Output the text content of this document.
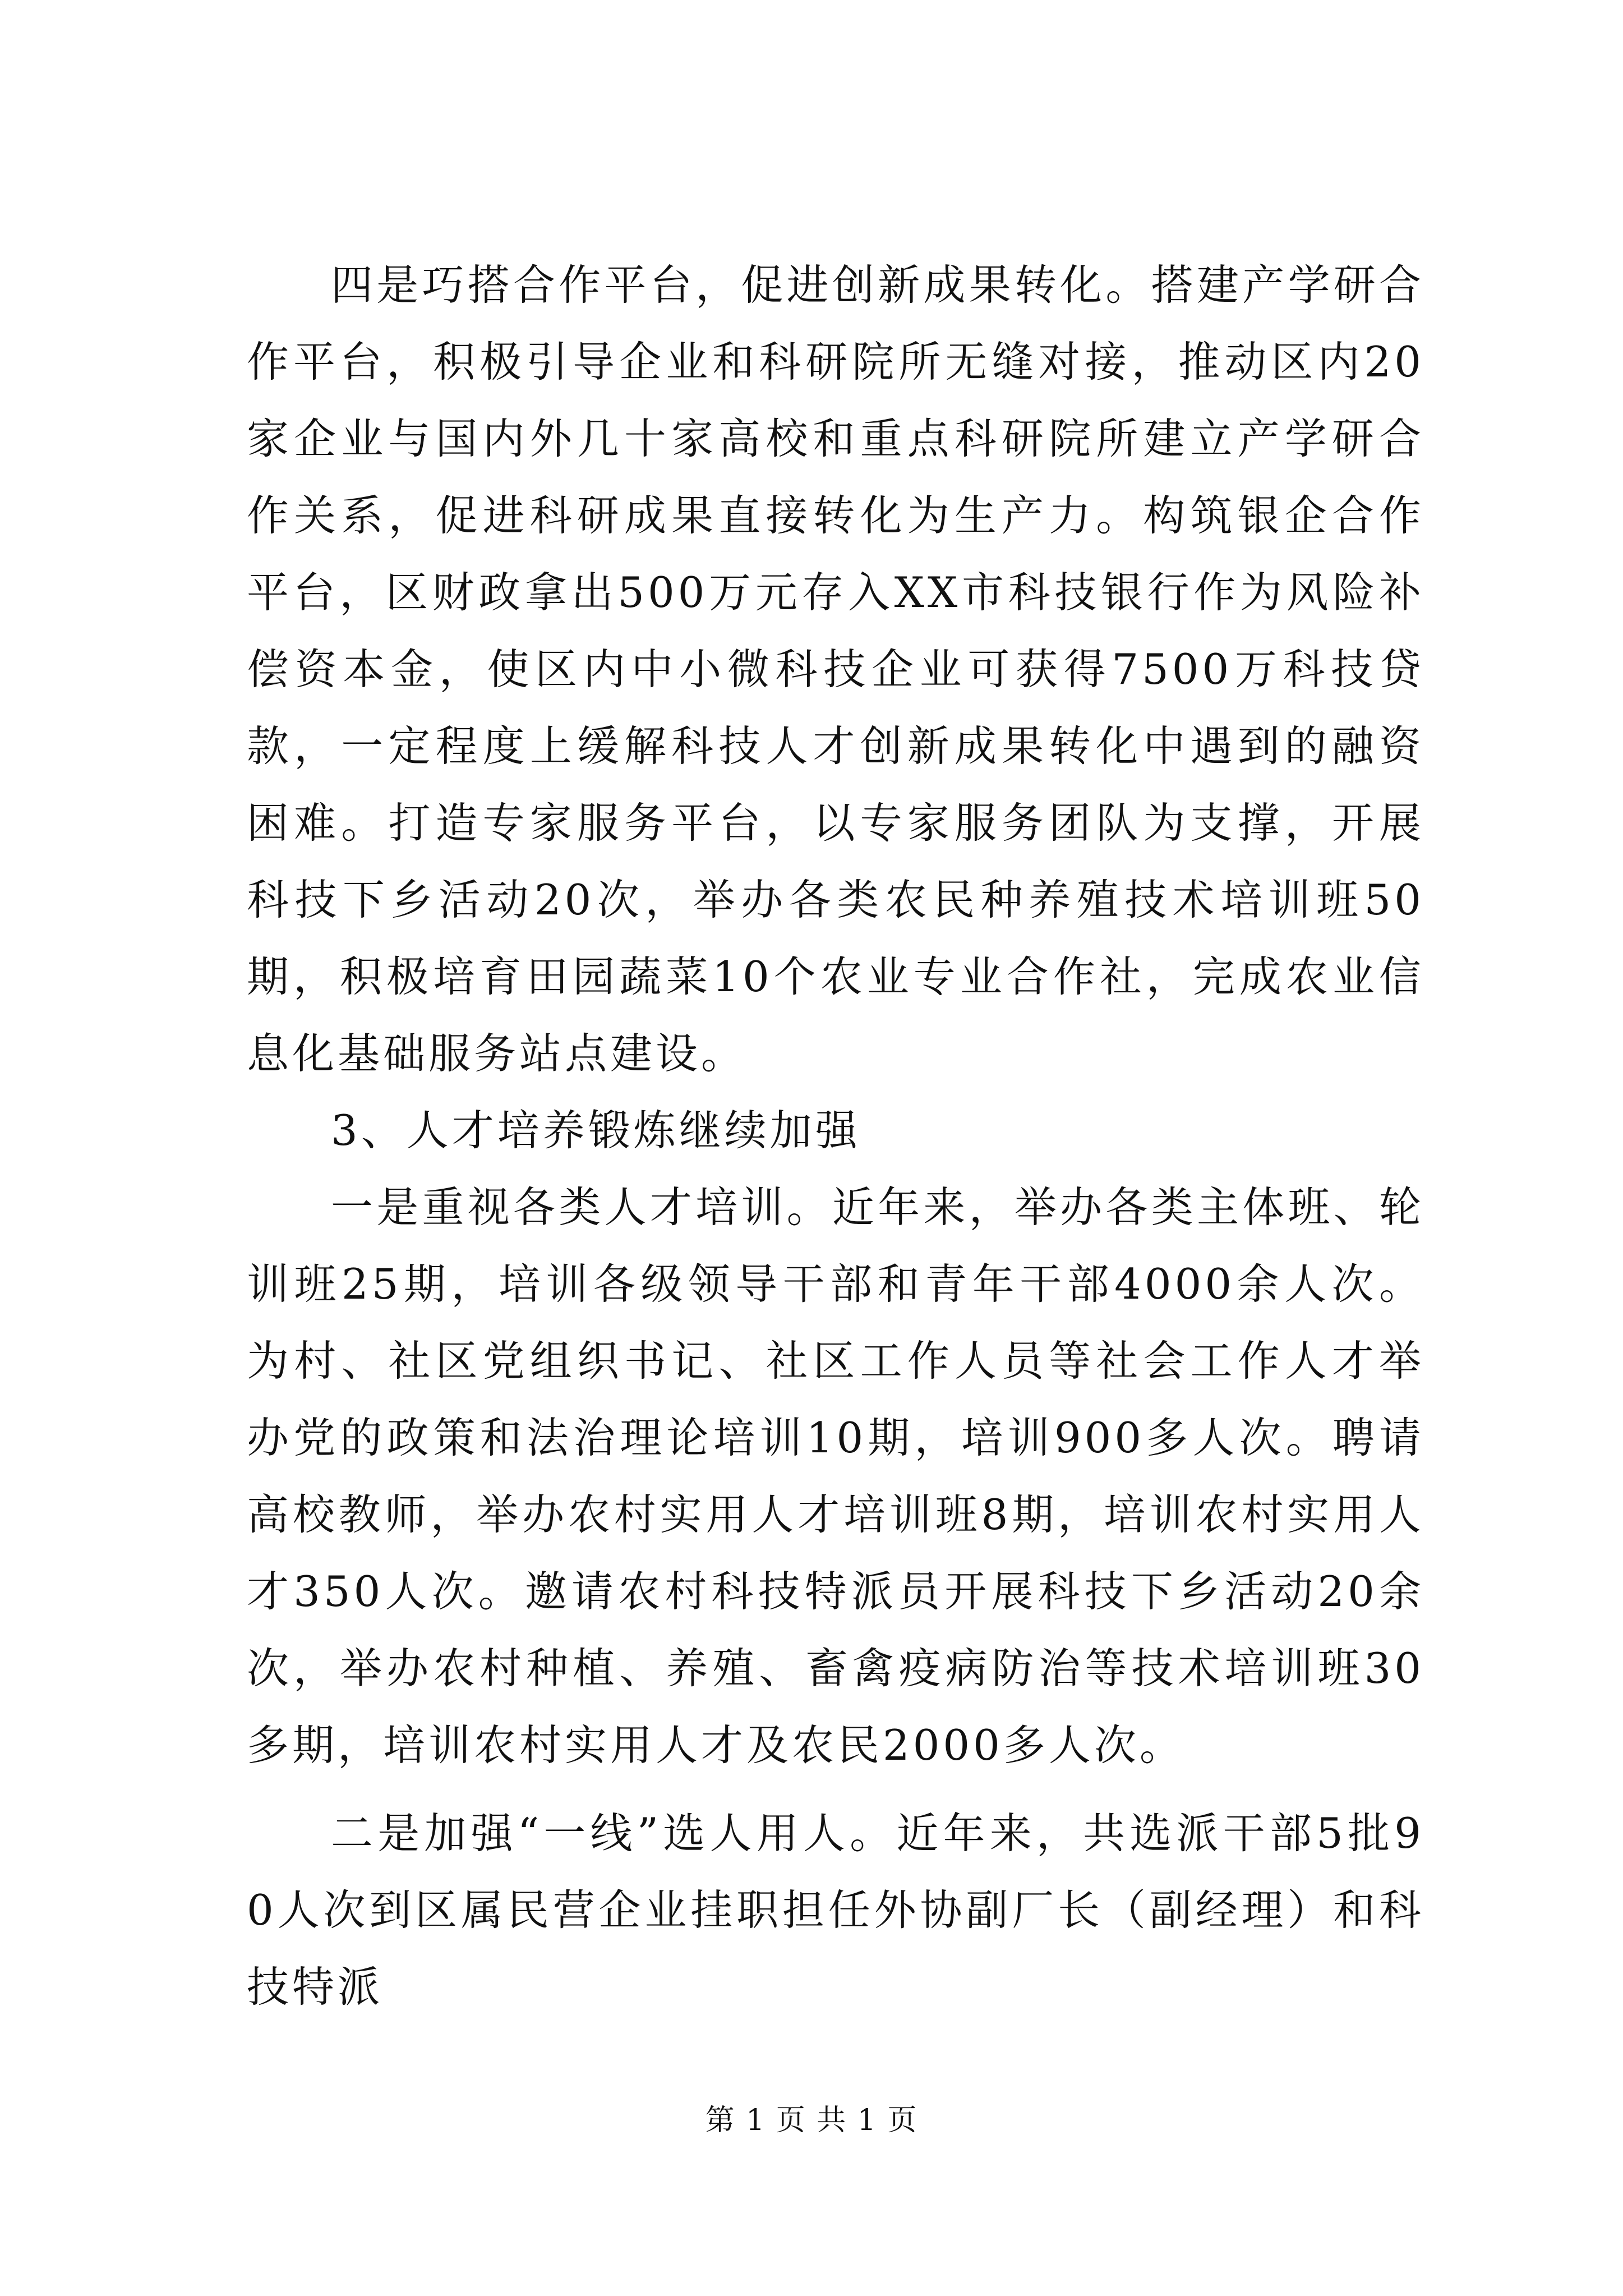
四是巧搭合作平台，促进创新成果转化。搭建产学研合作平台，积极引导企业和科研院所无缝对接，推动区内20家企业与国内外几十家高校和重点科研院所建立产学研合作关系，促进科研成果直接转化为生产力。构筑银企合作平台，区财政拿出500万元存入XX市科技银行作为风险补偿资本金，使区内中小微科技企业可获得7500万科技贷款，一定程度上缓解科技人才创新成果转化中遇到的融资困难。打造专家服务平台，以专家服务团队为支撑，开展科技下乡活动20次，举办各类农民种养殖技术培训班50期，积极培育田园蔬菜10个农业专业合作社，完成农业信息化基础服务站点建设。

3、人才培养锻炼继续加强

一是重视各类人才培训。近年来，举办各类主体班、轮训班25期，培训各级领导干部和青年干部4000余人次。为村、社区党组织书记、社区工作人员等社会工作人才举办党的政策和法治理论培训10期，培训900多人次。聘请高校教师，举办农村实用人才培训班8期，培训农村实用人才350人次。邀请农村科技特派员开展科技下乡活动20余次，举办农村种植、养殖、畜禽疫病防治等技术培训班30多期，培训农村实用人才及农民2000多人次。

二是加强“一线”选人用人。近年来，共选派干部5批90人次到区属民营企业挂职担任外协副厂长（副经理）和科技特派

第 1 页 共 1 页
